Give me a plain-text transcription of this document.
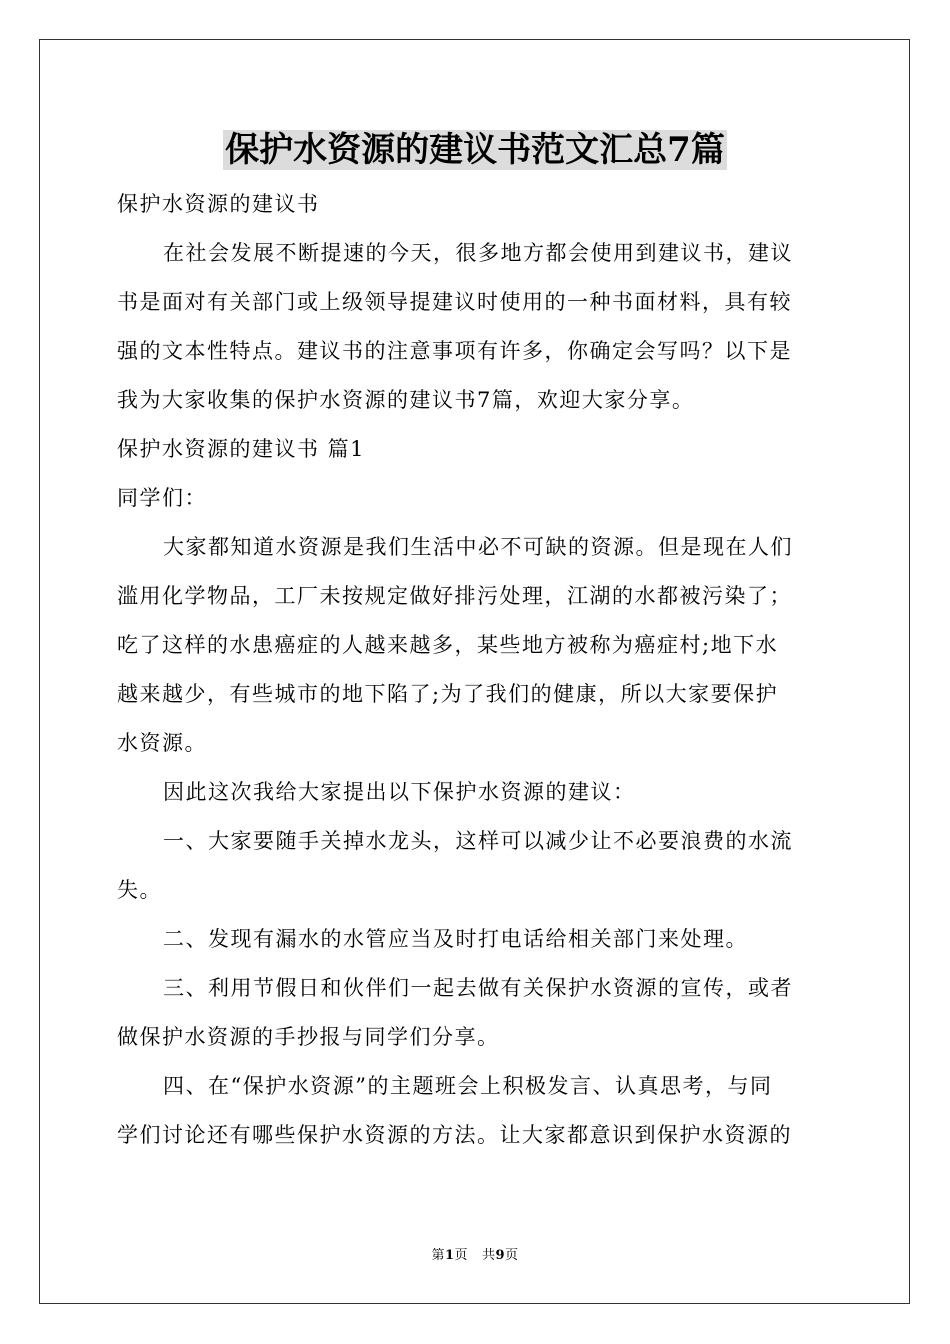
保护水资源的建议书范文汇总7篇
保护水资源的建议书
在社会发展不断提速的今天，很多地方都会使用到建议书，建议
书是面对有关部门或上级领导提建议时使用的一种书面材料，具有较
强的文本性特点。建议书的注意事项有许多，你确定会写吗？以下是
我为大家收集的保护水资源的建议书7篇，欢迎大家分享。
保护水资源的建议书 篇1
同学们：
大家都知道水资源是我们生活中必不可缺的资源。但是现在人们
滥用化学物品，工厂未按规定做好排污处理，江湖的水都被污染了；
吃了这样的水患癌症的人越来越多，某些地方被称为癌症村;地下水
越来越少，有些城市的地下陷了;为了我们的健康，所以大家要保护
水资源。
因此这次我给大家提出以下保护水资源的建议：
一、大家要随手关掉水龙头，这样可以减少让不必要浪费的水流
失。
二、发现有漏水的水管应当及时打电话给相关部门来处理。
三、利用节假日和伙伴们一起去做有关保护水资源的宣传，或者
做保护水资源的手抄报与同学们分享。
四、在“保护水资源”的主题班会上积极发言、认真思考，与同
学们讨论还有哪些保护水资源的方法。让大家都意识到保护水资源的
第1页 共9页
